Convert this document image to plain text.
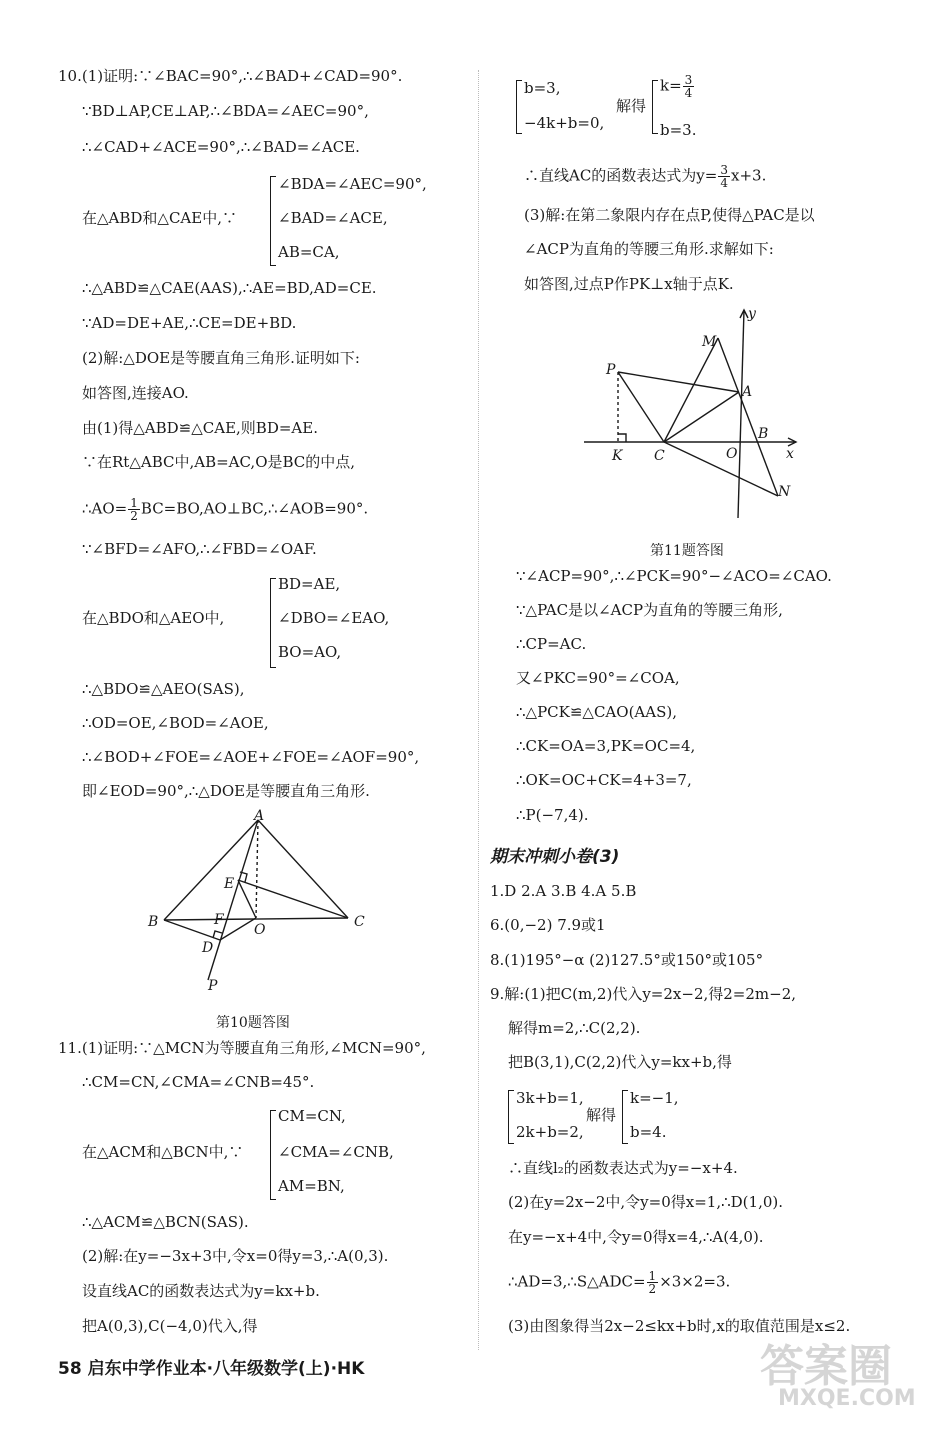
10.(1)证明:∵∠BAC=90°,∴∠BAD+∠CAD=90°.
∵BD⊥AP,CE⊥AP,∴∠BDA=∠AEC=90°,
∴∠CAD+∠ACE=90°,∴∠BAD=∠ACE.
∠BDA=∠AEC=90°,
在△ABD和△CAE中,∵	∠BAD=∠ACE,
AB=CA,
∴△ABD≌△CAE(AAS),∴AE=BD,AD=CE.
∵AD=DE+AE,∴CE=DE+BD.
(2)解:△DOE是等腰直角三角形.证明如下:
如答图,连接AO.
由(1)得△ABD≌△CAE,则BD=AE.
∵在Rt△ABC中,AB=AC,O是BC的中点,
∴AO= $\frac{1}{2}$ BC=BO,AO⊥BC,∴∠AOB=90°.
∵∠BFD=∠AFO,∴∠FBD=∠OAF.
BD=AE,
在△BDO和△AEO中,	∠DBO=∠EAO,
BO=AO,
∴△BDO≌△AEO(SAS),
∴OD=OE,∠BOD=∠AOE,
∴∠BOD+∠FOE=∠AOE+∠FOE=∠AOF=90°,
即∠EOD=90°,∴△DOE是等腰直角三角形.
A
B	C
D
E
F
O
P
第10题答图
11.(1)证明:∵△MCN为等腰直角三角形,∠MCN=90°,
∴CM=CN,∠CMA=∠CNB=45°.
CM=CN,
在△ACM和△BCN中,∵ ∠CMA=∠CNB,
AM=BN,
∴△ACM≌△BCN(SAS).
(2)解:在y=−3x+3中,令x=0得y=3,∴A(0,3).
设直线AC的函数表达式为y=kx+b.
把A(0,3),C(−4,0)代入,得
b=3,
−4k+b=0,
解得
$k= \frac{3}{4}$
b=3.
∴直线AC的函数表达式为$y= \frac{3}{4} x+3$.
(3)解:在第二象限内存在点P,使得△PAC是以
∠ACP为直角的等腰三角形.求解如下:
如答图,过点P作PK⊥x轴于点K.
M
P
A
B
K C	O
N
x
y
第11题答图
∵∠ACP=90°,∴∠PCK=90°−∠ACO=∠CAO.
∵△PAC是以∠ACP为直角的等腰三角形,
∴CP=AC.
又∠PKC=90°=∠COA,
∴△PCK≌△CAO(AAS),
∴CK=OA=3,PK=OC=4,
∴OK=OC+CK=4+3=7,
∴P(−7,4).
期末冲刺小卷(3)
1.D 2.A 3.B 4.A 5.B
6.(0,−2) 7.9或1
8.(1)195°−α (2)127.5°或150°或105°
9.解:(1)把C(m,2)代入y=2x−2,得2=2m−2,
解得m=2,∴C(2,2).
把B(3,1),C(2,2)代入y=kx+b,得
3k+b=1,
2k+b=2,
解得
k=−1,
b=4.
∴直线l₂的函数表达式为y=−x+4.
(2)在y=2x−2中,令y=0得x=1,∴D(1,0).
在y=−x+4中,令y=0得x=4,∴A(4,0).
∴AD=3,∴S△ADC= $\frac{1}{2} \times 3\times 2=3$.
(3)由图象得当2x−2≤kx+b时,x的取值范围是x≤2.
58 启东中学作业本·八年级数学(上)·HK	答案圈
MXQE.COM
